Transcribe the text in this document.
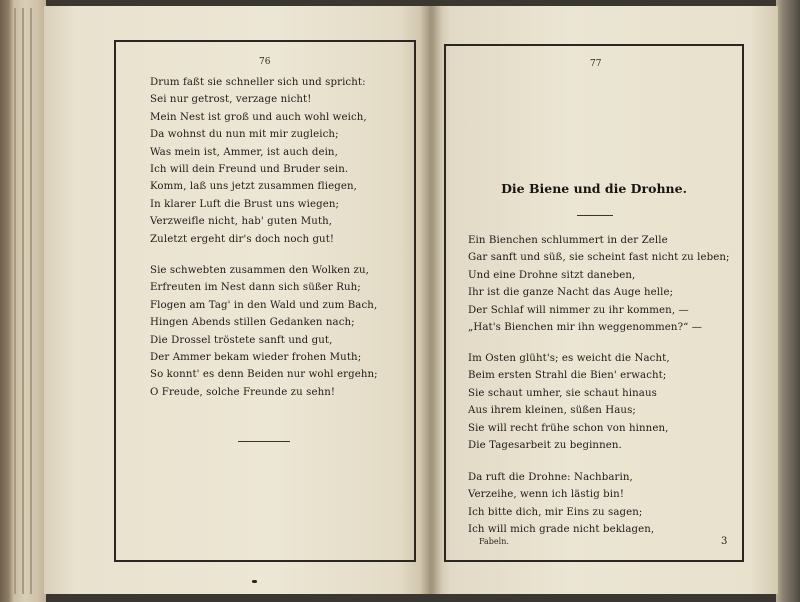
76	77
Drum faßt sie schneller sich und spricht:
Sei nur getrost, verzage nicht!
Mein Nest ist groß und auch wohl weich,
Da wohnst du nun mit mir zugleich;
Was mein ist, Ammer, ist auch dein,
Ich will dein Freund und Bruder sein.
Komm, laß uns jetzt zusammen fliegen,
In klarer Luft die Brust uns wiegen;
Verzweifle nicht, hab' guten Muth,
Zuletzt ergeht dir's doch noch gut!
Sie schwebten zusammen den Wolken zu,
Erfreuten im Nest dann sich süßer Ruh;
Flogen am Tag' in den Wald und zum Bach,
Hingen Abends stillen Gedanken nach;
Die Drossel tröstete sanft und gut,
Der Ammer bekam wieder frohen Muth;
So konnt' es denn Beiden nur wohl ergehn;
O Freude, solche Freunde zu sehn!
Die Biene und die Drohne.
Ein Bienchen schlummert in der Zelle
Gar sanft und süß, sie scheint fast nicht zu leben;
Und eine Drohne sitzt daneben,
Ihr ist die ganze Nacht das Auge helle;
Der Schlaf will nimmer zu ihr kommen, —
„Hat's Bienchen mir ihn weggenommen?“ —
Im Osten glüht's; es weicht die Nacht,
Beim ersten Strahl die Bien' erwacht;
Sie schaut umher, sie schaut hinaus
Aus ihrem kleinen, süßen Haus;
Sie will recht frühe schon von hinnen,
Die Tagesarbeit zu beginnen.
Da ruft die Drohne: Nachbarin,
Verzeihe, wenn ich lästig bin!
Ich bitte dich, mir Eins zu sagen;
Ich will mich grade nicht beklagen,
Fabeln.	3
